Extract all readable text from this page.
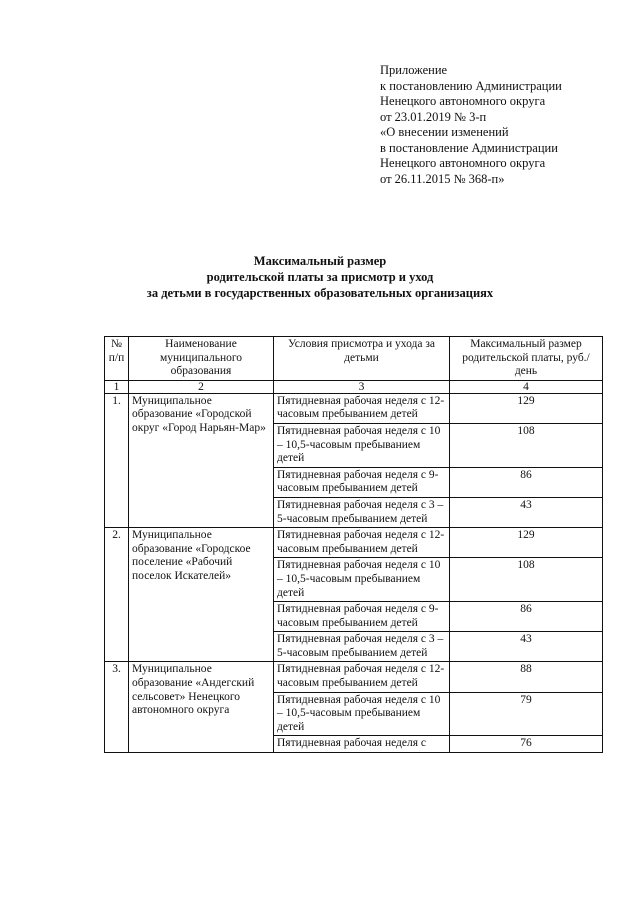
Приложение
к постановлению Администрации
Ненецкого автономного округа
от 23.01.2019 № 3-п
«О внесении изменений
в постановление Администрации
Ненецкого автономного округа
от 26.11.2015 № 368-п»
Максимальный размер
родительской платы за присмотр и уход
за детьми в государственных образовательных организациях
№ п/п	Наименование муниципального образования	Условия присмотра и ухода за детьми	Максимальный размер родительской платы, руб./день
1	2	3	4
1.	Муниципальное образование «Городской округ «Город Нарьян-Мар»	Пятидневная рабочая неделя с 12-часовым пребыванием детей	129
		Пятидневная рабочая неделя с 10 – 10,5-часовым пребыванием детей	108
		Пятидневная рабочая неделя с 9-часовым пребыванием детей	86
		Пятидневная рабочая неделя с 3 – 5-часовым пребыванием детей	43
2.	Муниципальное образование «Городское поселение «Рабочий поселок Искателей»	Пятидневная рабочая неделя с 12-часовым пребыванием детей	129
		Пятидневная рабочая неделя с 10 – 10,5-часовым пребыванием детей	108
		Пятидневная рабочая неделя с 9-часовым пребыванием детей	86
		Пятидневная рабочая неделя с 3 – 5-часовым пребыванием детей	43
3.	Муниципальное образование «Андегский сельсовет» Ненецкого автономного округа	Пятидневная рабочая неделя с 12-часовым пребыванием детей	88
		Пятидневная рабочая неделя с 10 – 10,5-часовым пребыванием детей	79
		Пятидневная рабочая неделя с	76
